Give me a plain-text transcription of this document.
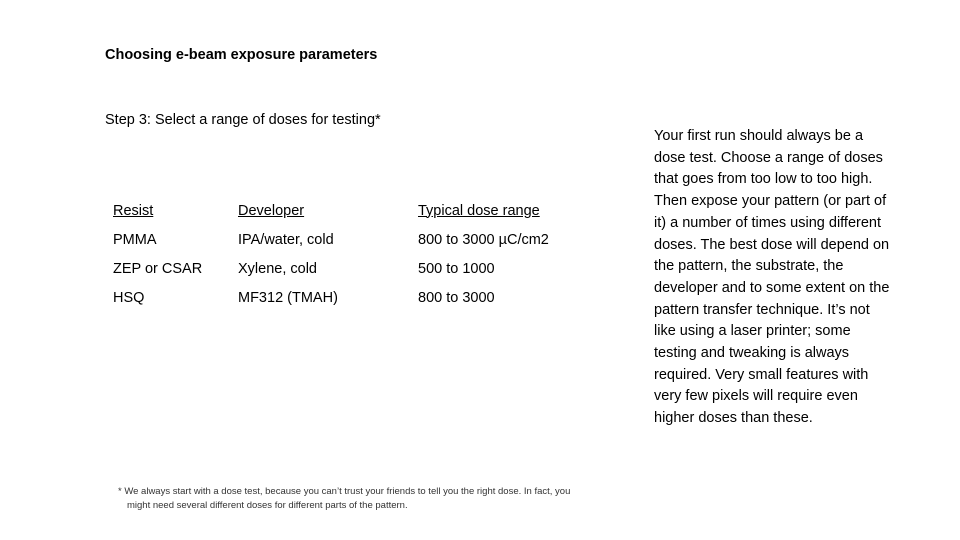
Choosing e-beam exposure parameters
Step 3: Select a range of doses for testing*
Resist	Developer	Typical dose range
PMMA	IPA/water, cold	800 to 3000 µC/cm2
ZEP or CSAR	Xylene, cold	500 to 1000
HSQ	MF312 (TMAH)	800 to 3000
Your first run should always be a dose test. Choose a range of doses that goes from too low to too high. Then expose your pattern (or part of it) a number of times using different doses. The best dose will depend on the pattern, the substrate, the developer and to some extent on the pattern transfer technique. It’s not like using a laser printer; some testing and tweaking is always required. Very small features with very few pixels will require even higher doses than these.
* We always start with a dose test, because you can’t trust your friends to tell you the right dose. In fact, you might need several different doses for different parts of the pattern.
